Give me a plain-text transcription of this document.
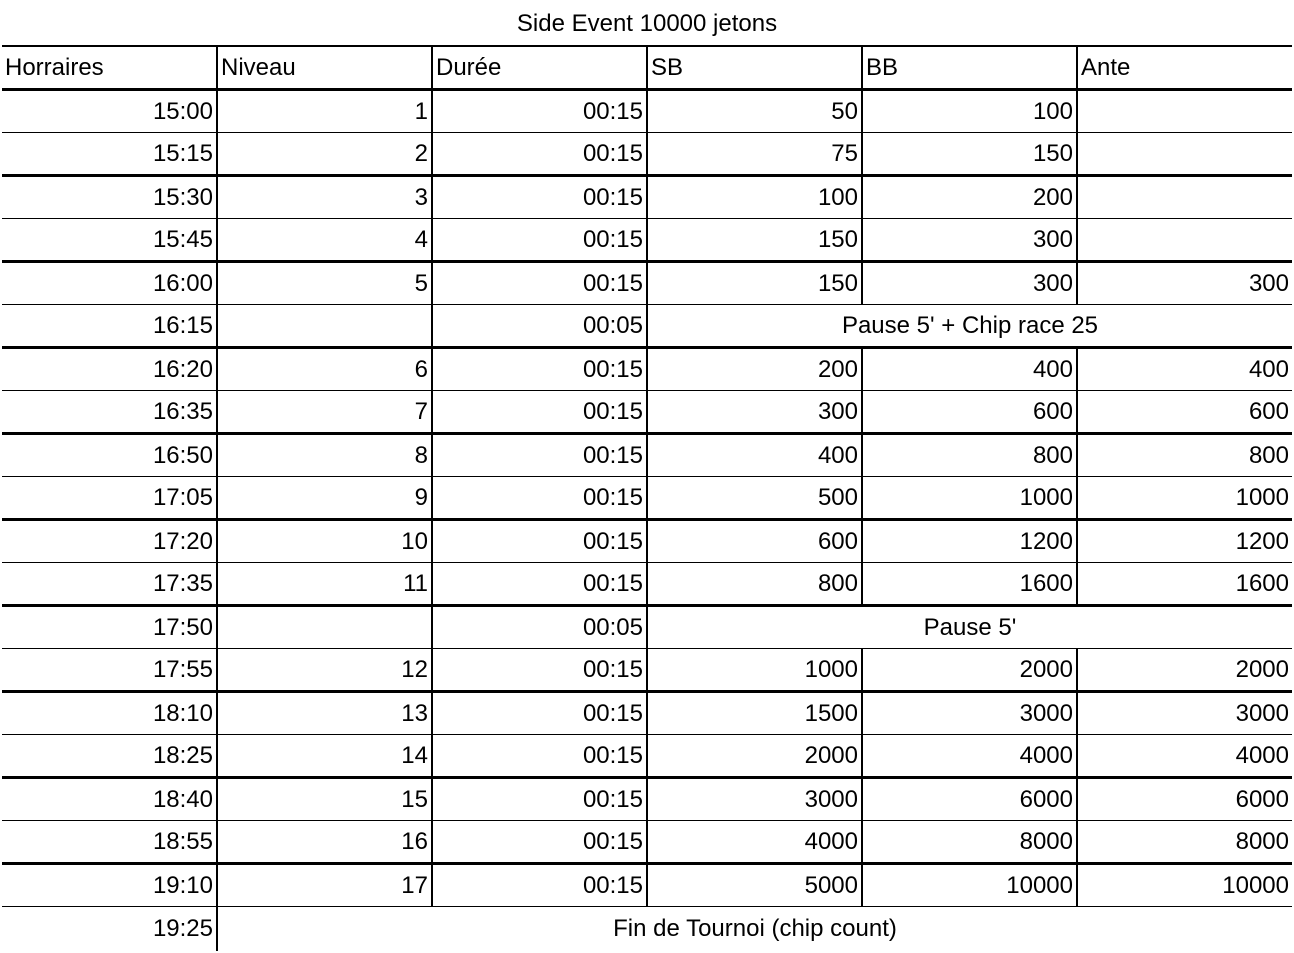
Side Event 10000 jetons
Horraires	Niveau	Durée	SB	BB	Ante
15:00	1	00:15	50	100	
15:15	2	00:15	75	150	
15:30	3	00:15	100	200	
15:45	4	00:15	150	300	
16:00	5	00:15	150	300	300
16:15		00:05	Pause 5' + Chip race 25		
16:20	6	00:15	200	400	400
16:35	7	00:15	300	600	600
16:50	8	00:15	400	800	800
17:05	9	00:15	500	1000	1000
17:20	10	00:15	600	1200	1200
17:35	11	00:15	800	1600	1600
17:50		00:05	Pause 5'		
17:55	12	00:15	1000	2000	2000
18:10	13	00:15	1500	3000	3000
18:25	14	00:15	2000	4000	4000
18:40	15	00:15	3000	6000	6000
18:55	16	00:15	4000	8000	8000
19:10	17	00:15	5000	10000	10000
19:25	Fin de Tournoi (chip count)				
